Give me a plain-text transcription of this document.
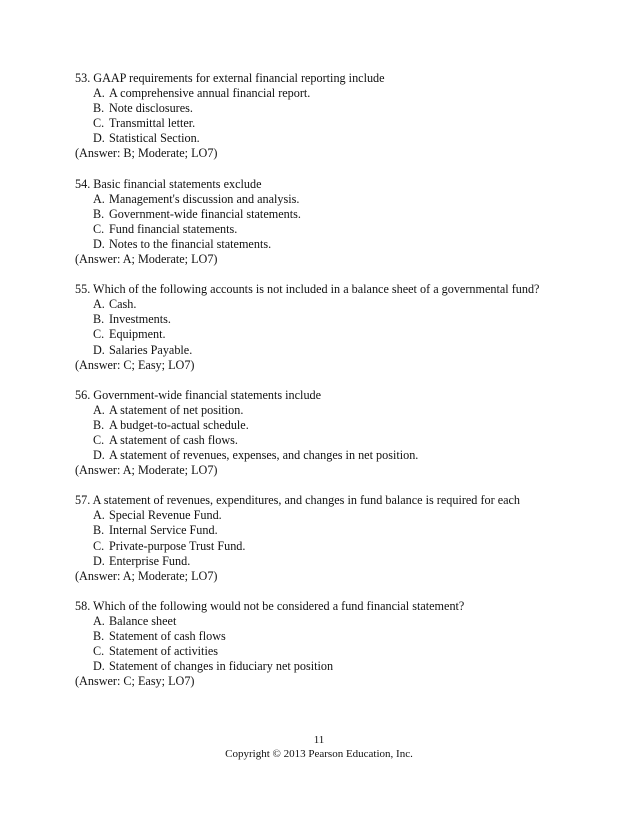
53. GAAP requirements for external financial reporting include
A. A comprehensive annual financial report.
B. Note disclosures.
C. Transmittal letter.
D. Statistical Section.
(Answer: B; Moderate; LO7)
54. Basic financial statements exclude
A. Management's discussion and analysis.
B. Government-wide financial statements.
C. Fund financial statements.
D. Notes to the financial statements.
(Answer: A; Moderate; LO7)
55. Which of the following accounts is not included in a balance sheet of a governmental fund?
A. Cash.
B. Investments.
C. Equipment.
D. Salaries Payable.
(Answer: C; Easy; LO7)
56. Government-wide financial statements include
A. A statement of net position.
B. A budget-to-actual schedule.
C. A statement of cash flows.
D. A statement of revenues, expenses, and changes in net position.
(Answer: A; Moderate; LO7)
57. A statement of revenues, expenditures, and changes in fund balance is required for each
A. Special Revenue Fund.
B. Internal Service Fund.
C. Private-purpose Trust Fund.
D. Enterprise Fund.
(Answer: A; Moderate; LO7)
58. Which of the following would not be considered a fund financial statement?
A. Balance sheet
B. Statement of cash flows
C. Statement of activities
D. Statement of changes in fiduciary net position
(Answer: C; Easy; LO7)
11
Copyright © 2013 Pearson Education, Inc.
